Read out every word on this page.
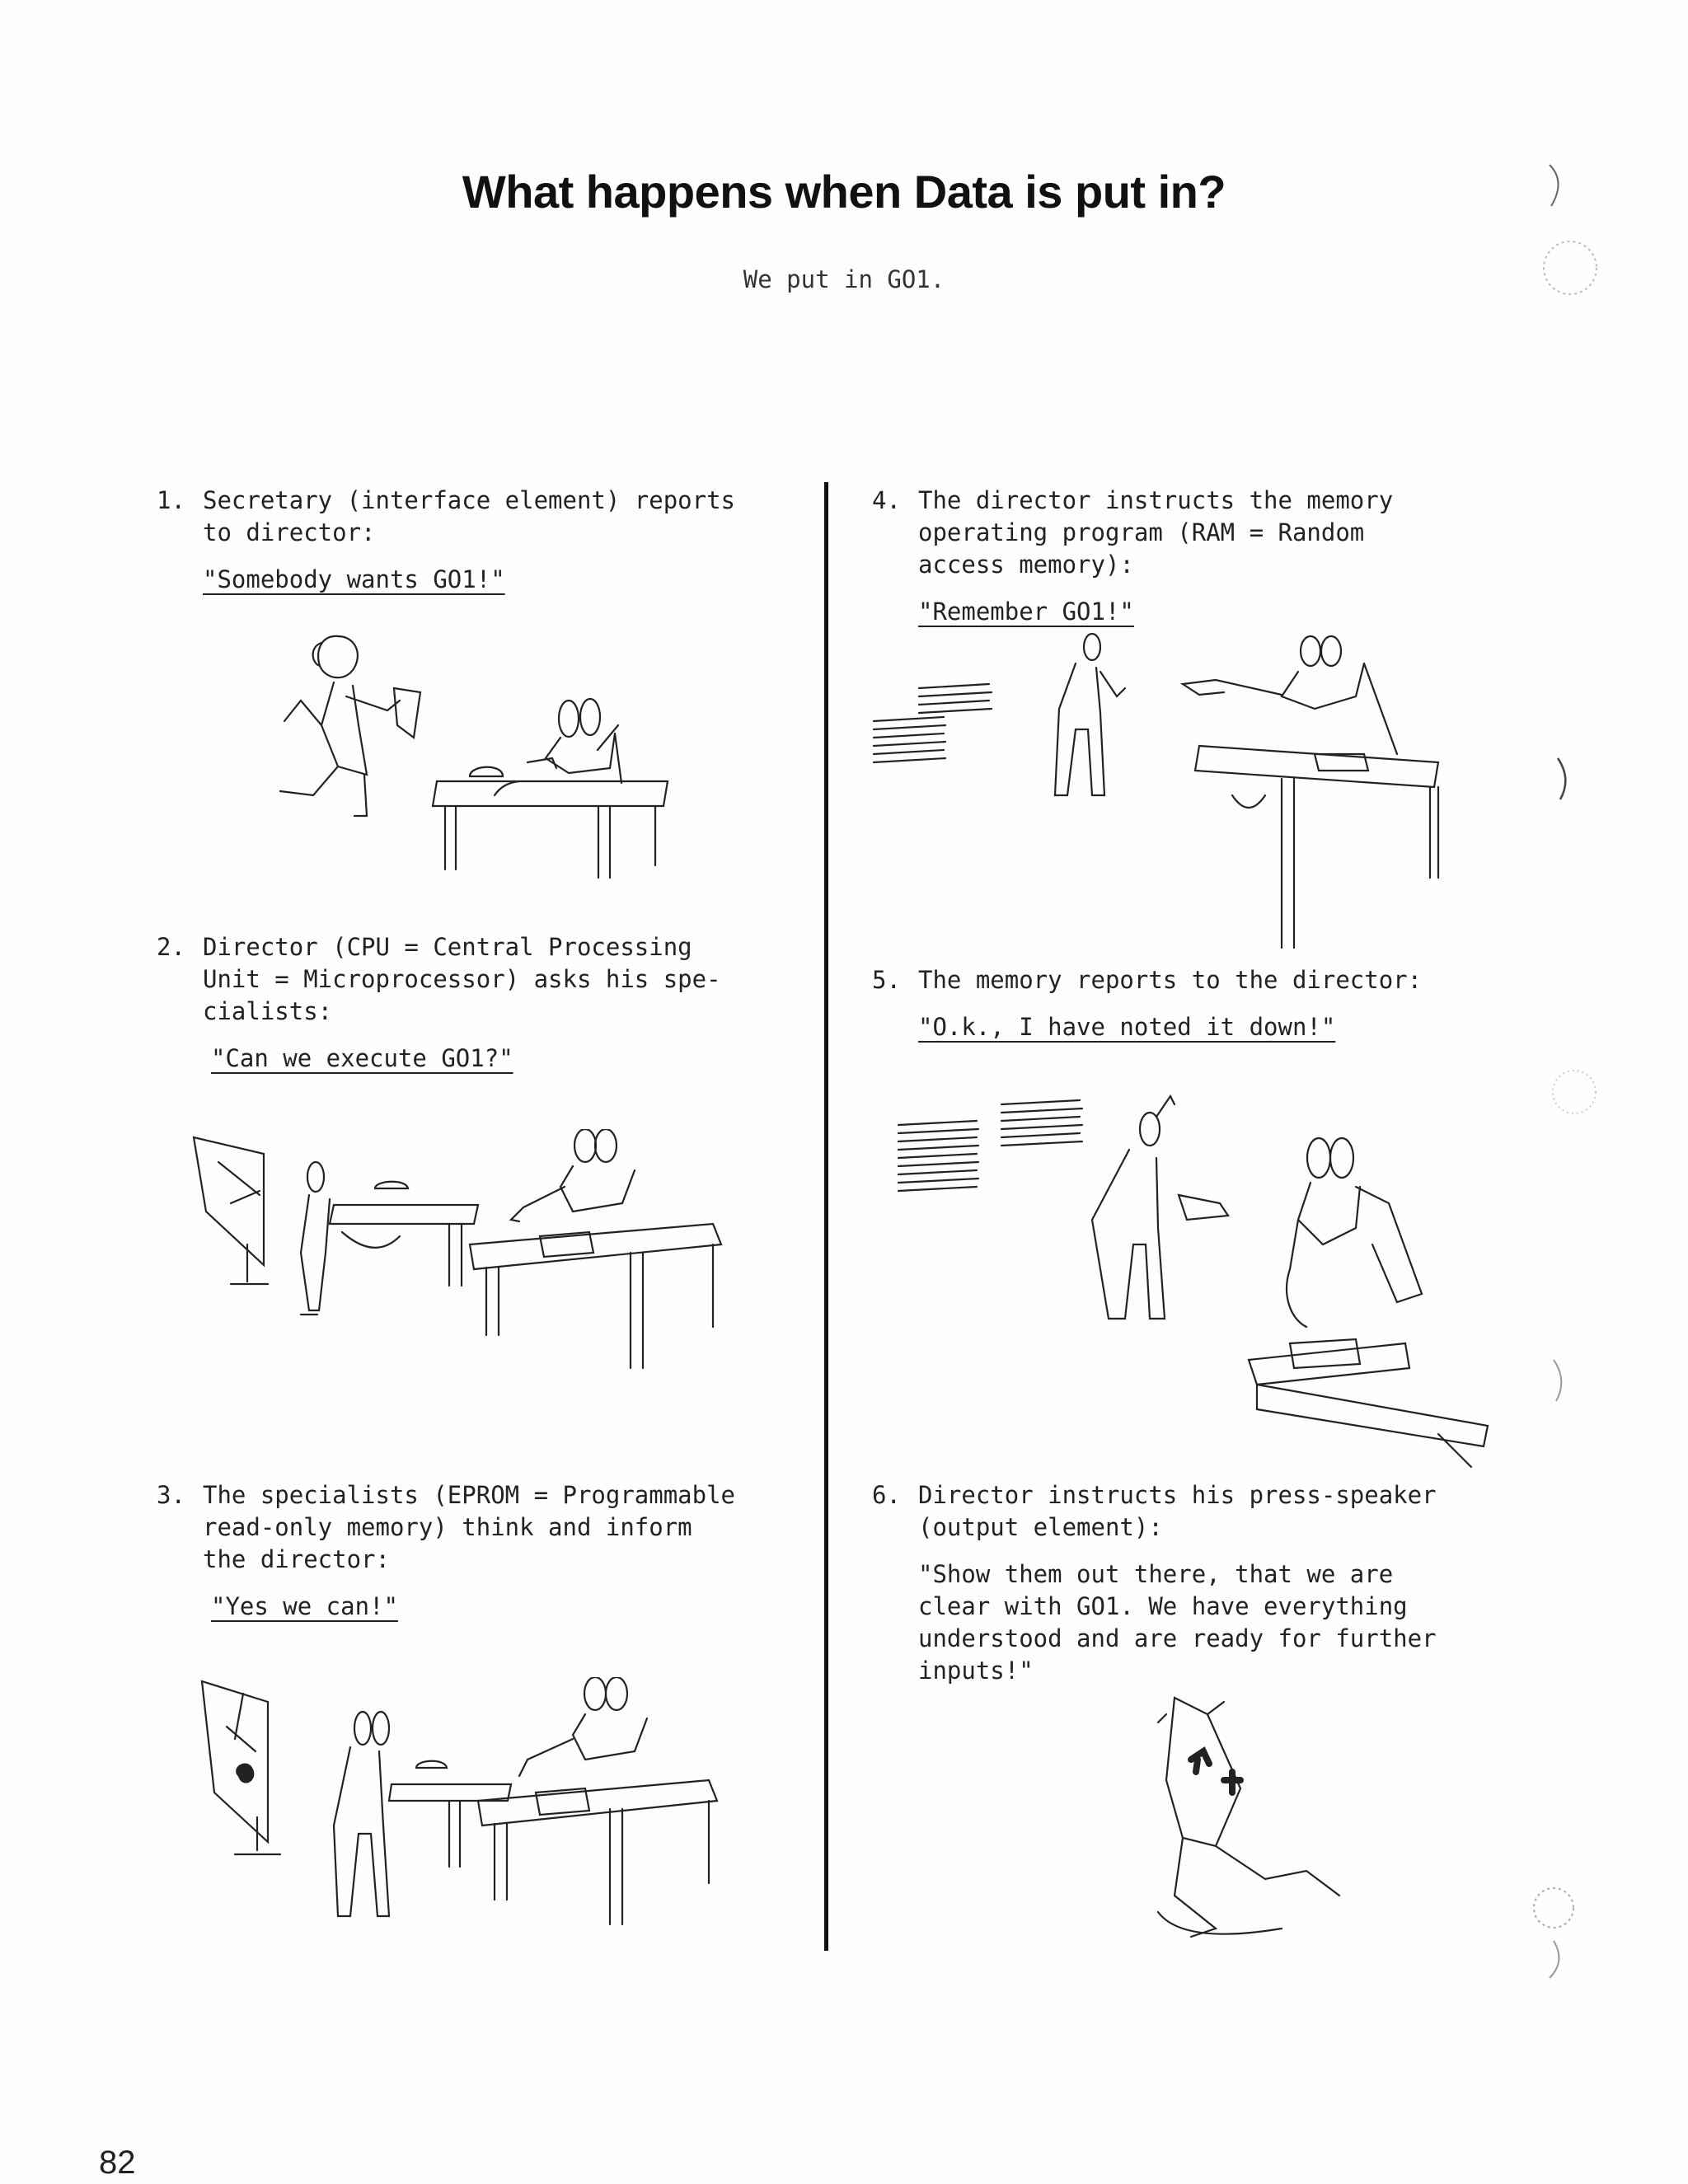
What happens when Data is put in?
We put in GO1.
1. Secretary (interface element) reports
to director:
"Somebody wants GO1!"
2. Director (CPU = Central Processing
Unit = Microprocessor) asks his spe-
cialists:
"Can we execute GO1?"
3. The specialists (EPROM = Programmable
read-only memory) think and inform
the director:
"Yes we can!"
4. The director instructs the memory
operating program (RAM = Random
access memory):
"Remember GO1!"
5. The memory reports to the director:
"O.k., I have noted it down!"
6. Director instructs his press-speaker
(output element):
"Show them out there, that we are
clear with GO1. We have everything
understood and are ready for further
inputs!"
82
